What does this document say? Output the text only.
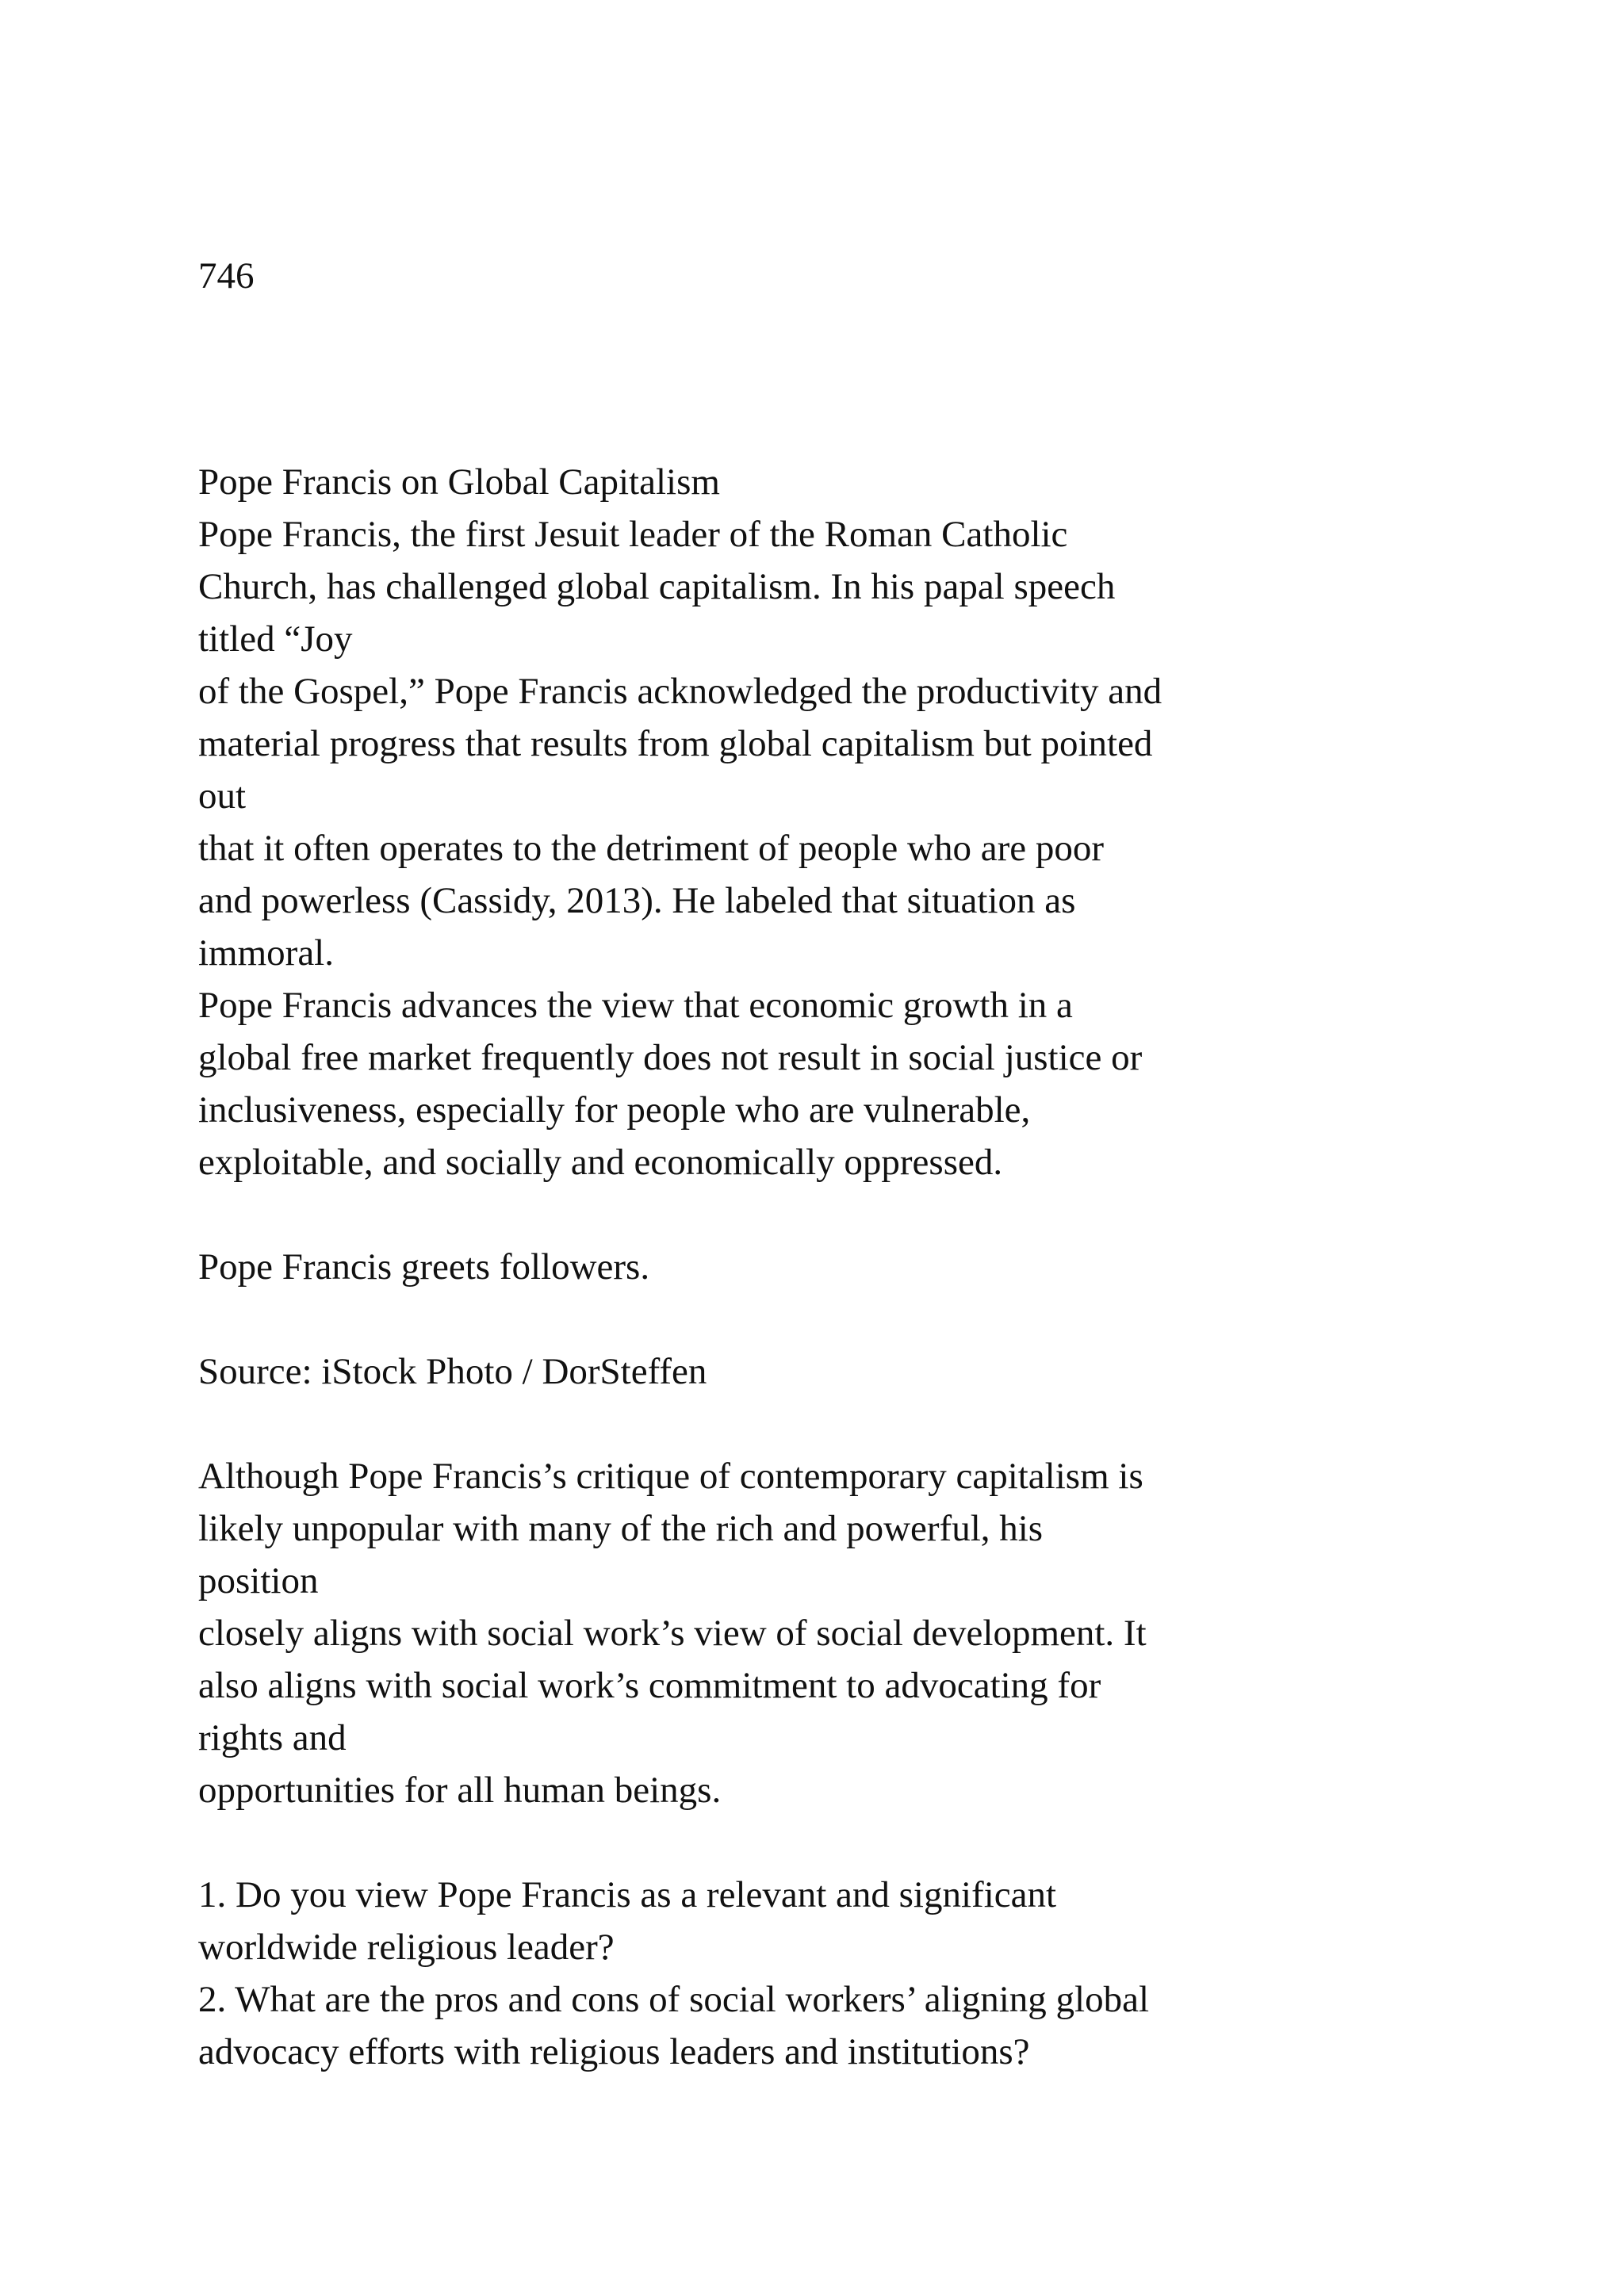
746
Pope Francis on Global Capitalism
Pope Francis, the first Jesuit leader of the Roman Catholic
Church, has challenged global capitalism. In his papal speech
titled “Joy
of the Gospel,” Pope Francis acknowledged the productivity and
material progress that results from global capitalism but pointed
out
that it often operates to the detriment of people who are poor
and powerless (Cassidy, 2013). He labeled that situation as
immoral.
Pope Francis advances the view that economic growth in a
global free market frequently does not result in social justice or
inclusiveness, especially for people who are vulnerable,
exploitable, and socially and economically oppressed.
Pope Francis greets followers.
Source: iStock Photo / DorSteffen
Although Pope Francis’s critique of contemporary capitalism is
likely unpopular with many of the rich and powerful, his
position
closely aligns with social work’s view of social development. It
also aligns with social work’s commitment to advocating for
rights and
opportunities for all human beings.
1. Do you view Pope Francis as a relevant and significant
worldwide religious leader?
2. What are the pros and cons of social workers’ aligning global
advocacy efforts with religious leaders and institutions?
